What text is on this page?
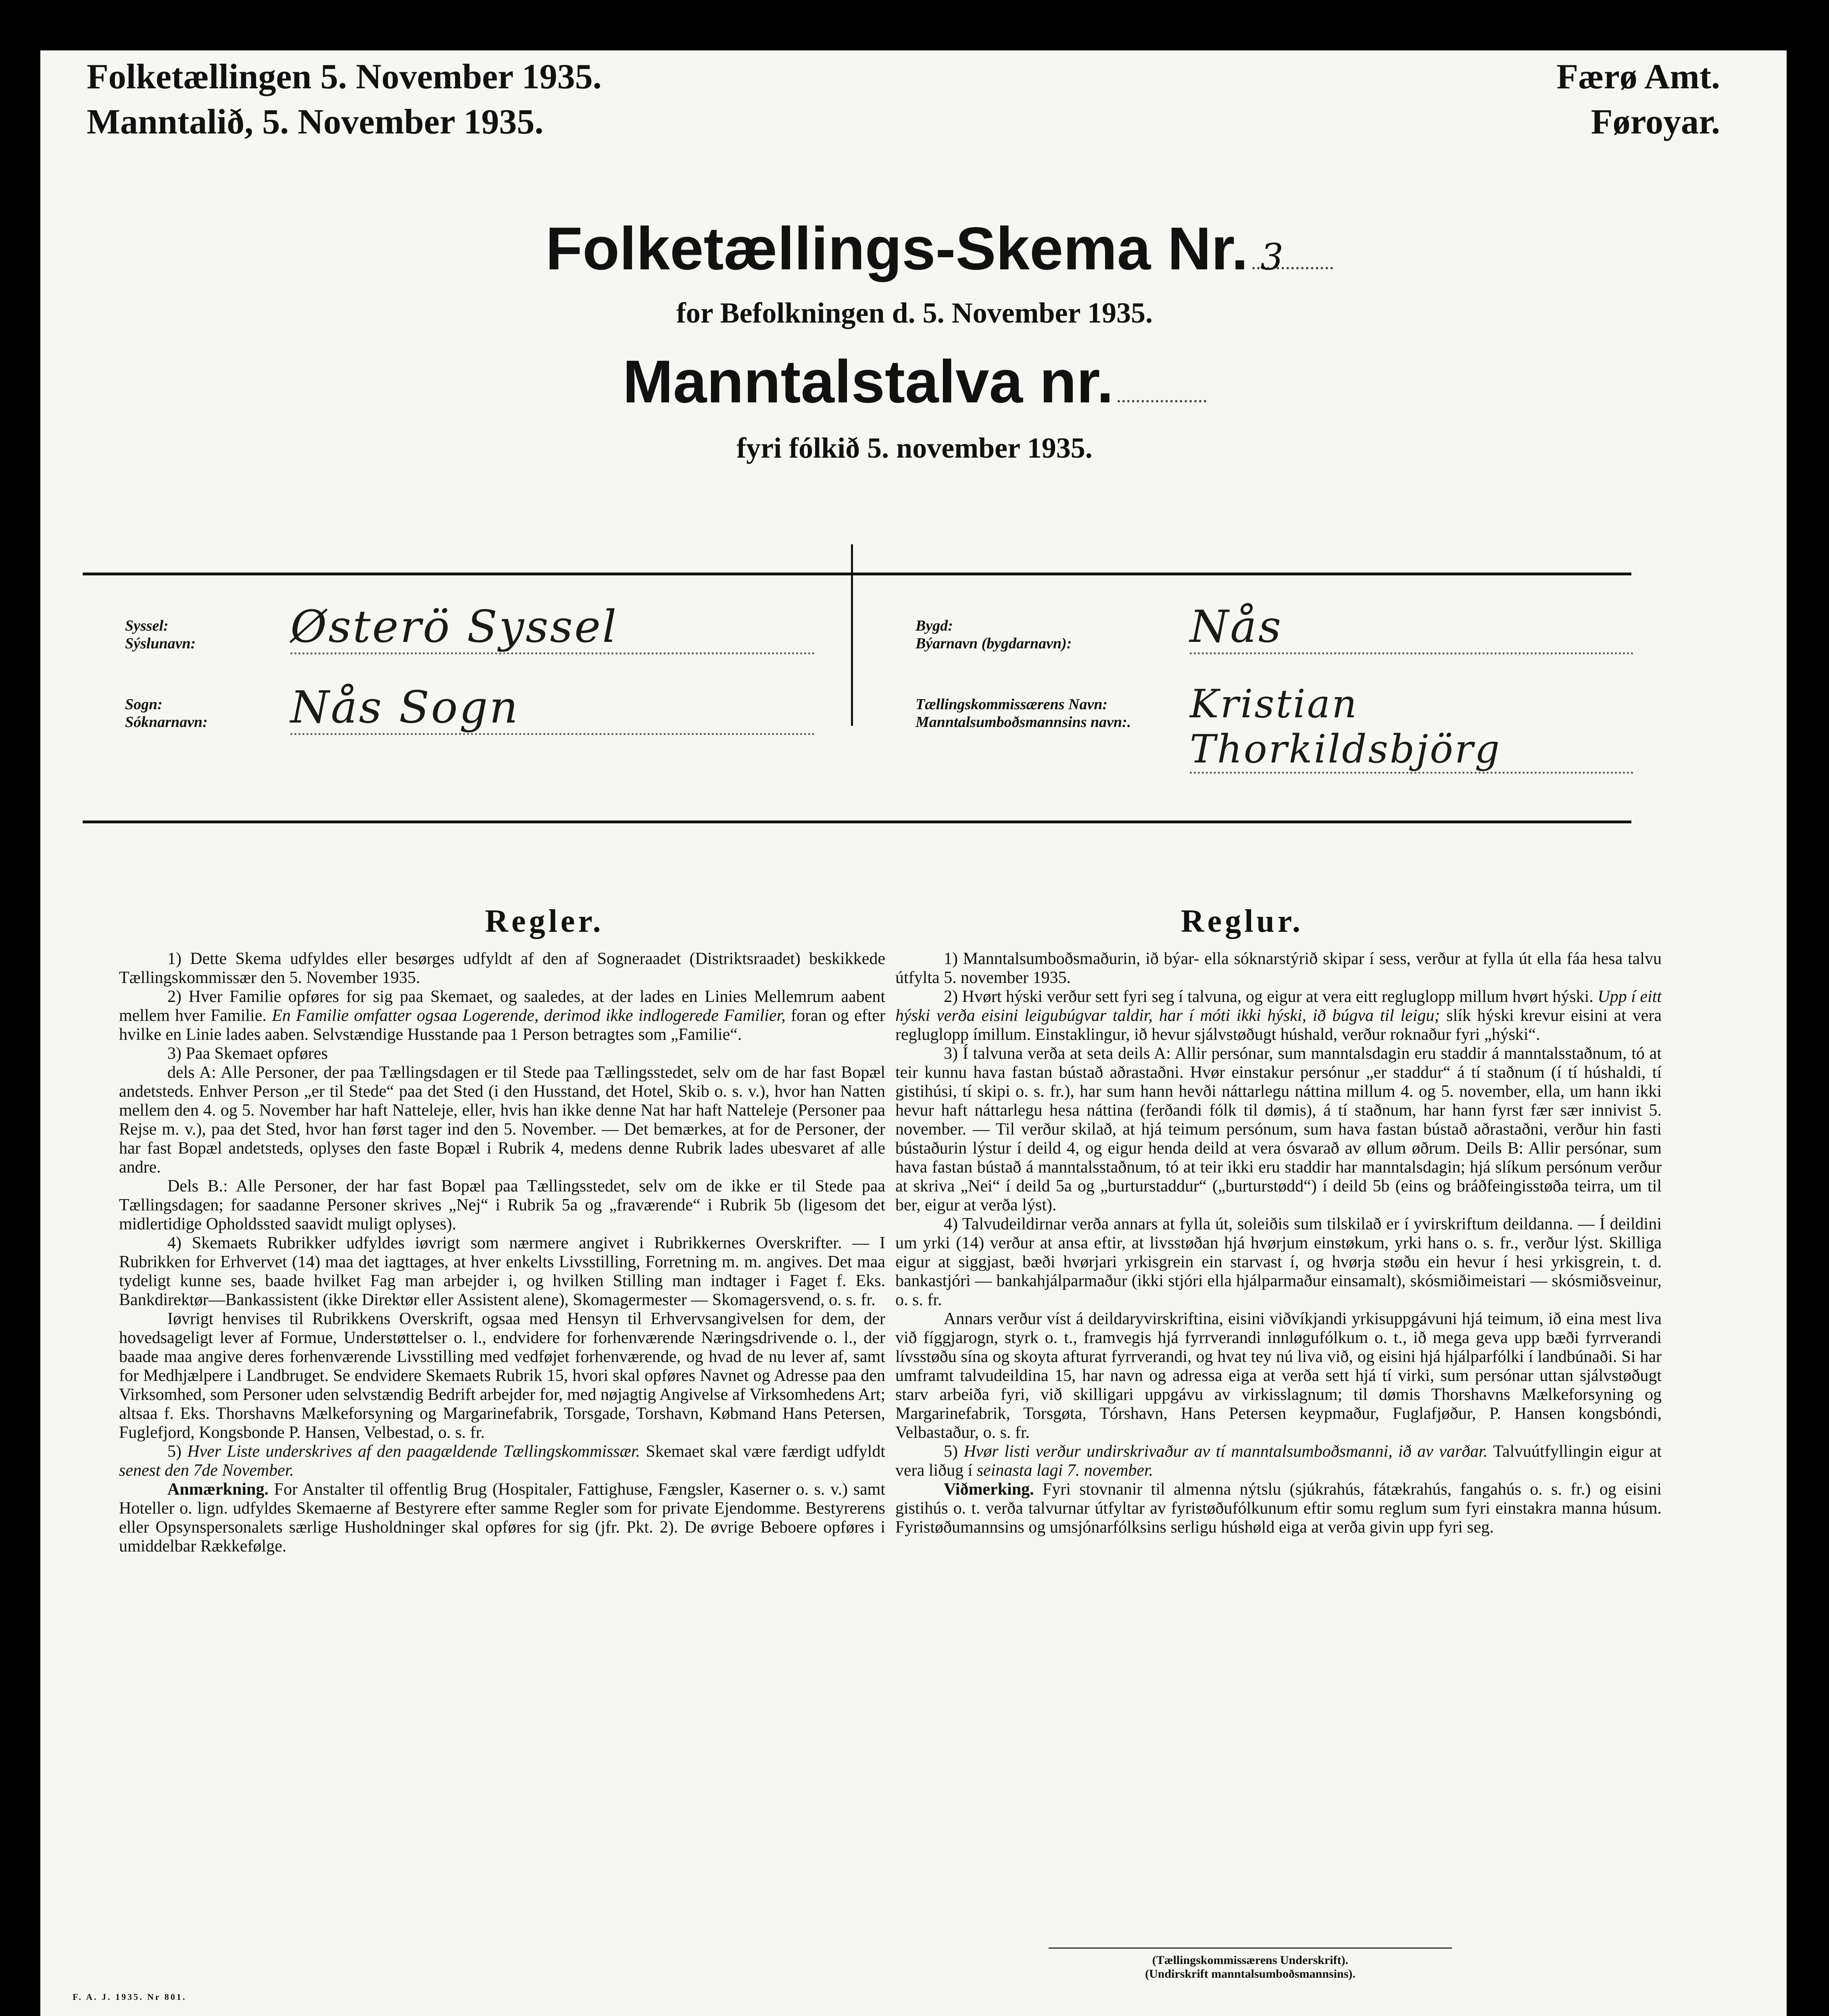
Folketællingen 5. November 1935.
Manntalið, 5. November 1935.
Færø Amt.
Føroyar.
Folketællings-Skema Nr. 3
for Befolkningen d. 5. November 1935.
Manntalstalva nr.
fyri fólkið 5. november 1935.
Syssel:
Sýslunavn: Østerö Syssel
Sogn:
Sóknarnavn: Nås Sogn
Bygd:
Býarnavn (bygdarnavn):	Nås
Tællingskommissærens Navn:
Manntalsumboðsmannsins navn:. Kristian Thorkildsbjörg
Regler.

1) Dette Skema udfyldes eller besørges udfyldt af den af Sogneraadet (Distriktsraadet) beskikkede Tællingskommissær den 5. November 1935.

2) Hver Familie opføres for sig paa Skemaet, og saaledes, at der lades en Linies Mellemrum aabent mellem hver Familie. En Familie omfatter ogsaa Logerende, derimod ikke indlogerede Familier, foran og efter hvilke en Linie lades aaben. Selvstændige Husstande paa 1 Person betragtes som „Familie“.

3) Paa Skemaet opføres

dels A: Alle Personer, der paa Tællingsdagen er til Stede paa Tællingsstedet, selv om de har fast Bopæl andetsteds. Enhver Person „er til Stede“ paa det Sted (i den Husstand, det Hotel, Skib o. s. v.), hvor han Natten mellem den 4. og 5. November har haft Natteleje, eller, hvis han ikke denne Nat har haft Natteleje (Personer paa Rejse m. v.), paa det Sted, hvor han først tager ind den 5. November. — Det bemærkes, at for de Personer, der har fast Bopæl andetsteds, oplyses den faste Bopæl i Rubrik 4, medens denne Rubrik lades ubesvaret af alle andre.

Dels B.: Alle Personer, der har fast Bopæl paa Tællingsstedet, selv om de ikke er til Stede paa Tællingsdagen; for saadanne Personer skrives „Nej“ i Rubrik 5a og „fraværende“ i Rubrik 5b (ligesom det midlertidige Opholdssted saavidt muligt oplyses).

4) Skemaets Rubrikker udfyldes iøvrigt som nærmere angivet i Rubrikkernes Overskrifter. — I Rubrikken for Erhvervet (14) maa det iagttages, at hver enkelts Livsstilling, Forretning m. m. angives. Det maa tydeligt kunne ses, baade hvilket Fag man arbejder i, og hvilken Stilling man indtager i Faget f. Eks. Bankdirektør—Bankassistent (ikke Direktør eller Assistent alene), Skomagermester — Skomagersvend, o. s. fr.

Iøvrigt henvises til Rubrikkens Overskrift, ogsaa med Hensyn til Erhvervsangivelsen for dem, der hovedsageligt lever af Formue, Understøttelser o. l., endvidere for forhenværende Næringsdrivende o. l., der baade maa angive deres forhenværende Livsstilling med vedføjet forhenværende, og hvad de nu lever af, samt for Medhjælpere i Landbruget. Se endvidere Skemaets Rubrik 15, hvori skal opføres Navnet og Adresse paa den Virksomhed, som Personer uden selvstændig Bedrift arbejder for, med nøjagtig Angivelse af Virksomhedens Art; altsaa f. Eks. Thorshavns Mælkeforsyning og Margarinefabrik, Torsgade, Torshavn, Købmand Hans Petersen, Fuglefjord, Kongsbonde P. Hansen, Velbestad, o. s. fr.

5) Hver Liste underskrives af den paagældende Tællingskommissær. Skemaet skal være færdigt udfyldt senest den 7de November.

Anmærkning. For Anstalter til offentlig Brug (Hospitaler, Fattighuse, Fængsler, Kaserner o. s. v.) samt Hoteller o. lign. udfyldes Skemaerne af Bestyrere efter samme Regler som for private Ejendomme. Bestyrerens eller Opsynspersonalets særlige Husholdninger skal opføres for sig (jfr. Pkt. 2). De øvrige Beboere opføres i umiddelbar Rækkefølge.

Reglur.

1) Manntalsumboðsmaðurin, ið býar- ella sóknarstýrið skipar í sess, verður at fylla út ella fáa hesa talvu útfylta 5. november 1935.

2) Hvørt hýski verður sett fyri seg í talvuna, og eigur at vera eitt regluglopp millum hvørt hýski. Upp í eitt hýski verða eisini leigubúgvar taldir, har í móti ikki hýski, ið búgva til leigu; slík hýski krevur eisini at vera regluglopp ímillum. Einstaklingur, ið hevur sjálvstøðugt húshald, verður roknaður fyri „hýski“.

3) Í talvuna verða at seta deils A: Allir persónar, sum manntalsdagin eru staddir á manntalsstaðnum, tó at teir kunnu hava fastan bústað aðrastaðni. Hvør einstakur persónur „er staddur“ á tí staðnum (í tí húshaldi, tí gistihúsi, tí skipi o. s. fr.), har sum hann hevði náttarlegu náttina millum 4. og 5. november, ella, um hann ikki hevur haft náttarlegu hesa náttina (ferðandi fólk til dømis), á tí staðnum, har hann fyrst fær sær innivist 5. november. — Til verður skilað, at hjá teimum persónum, sum hava fastan bústað aðrastaðni, verður hin fasti bústaðurin lýstur í deild 4, og eigur henda deild at vera ósvarað av øllum øðrum. Deils B: Allir persónar, sum hava fastan bústað á manntalsstaðnum, tó at teir ikki eru staddir har manntalsdagin; hjá slíkum persónum verður at skriva „Nei“ í deild 5a og „burturstaddur“ („burturstødd“) í deild 5b (eins og bráðfeingisstøða teirra, um til ber, eigur at verða lýst).

4) Talvudeildirnar verða annars at fylla út, soleiðis sum tilskilað er í yvirskriftum deildanna. — Í deildini um yrki (14) verður at ansa eftir, at livsstøðan hjá hvørjum einstøkum, yrki hans o. s. fr., verður lýst. Skilliga eigur at siggjast, bæði hvørjari yrkisgrein ein starvast í, og hvørja støðu ein hevur í hesi yrkisgrein, t. d. bankastjóri — bankahjálparmaður (ikki stjóri ella hjálparmaður einsamalt), skósmiðimeistari — skósmiðsveinur, o. s. fr.

Annars verður víst á deildaryvirskriftina, eisini viðvíkjandi yrkisuppgávuni hjá teimum, ið eina mest liva við fíggjarogn, styrk o. t., framvegis hjá fyrrverandi innløgufólkum o. t., ið mega geva upp bæði fyrrverandi lívsstøðu sína og skoyta afturat fyrrverandi, og hvat tey nú liva við, og eisini hjá hjálparfólki í landbúnaði. Si har umframt talvudeildina 15, har navn og adressa eiga at verða sett hjá tí virki, sum persónar uttan sjálvstøðugt starv arbeiða fyri, við skilligari uppgávu av virkisslagnum; til dømis Thorshavns Mælkeforsyning og Margarinefabrik, Torsgøta, Tórshavn, Hans Petersen keypmaður, Fuglafjøður, P. Hansen kongsbóndi, Velbastaður, o. s. fr.

5) Hvør listi verður undirskrivaður av tí manntalsumboðsmanni, ið av varðar. Talvuútfyllingin eigur at vera liðug í seinasta lagi 7. november.

Viðmerking. Fyri stovnanir til almenna nýtslu (sjúkrahús, fátækrahús, fangahús o. s. fr.) og eisini gistihús o. t. verða talvurnar útfyltar av fyristøðufólkunum eftir somu reglum sum fyri einstakra manna húsum. Fyristøðumannsins og umsjónarfólksins serligu húshøld eiga at verða givin upp fyri seg.

(Tællingskommissærens Underskrift).
(Undirskrift manntalsumboðsmannsins).
F. A. J. 1935. Nr 801.
